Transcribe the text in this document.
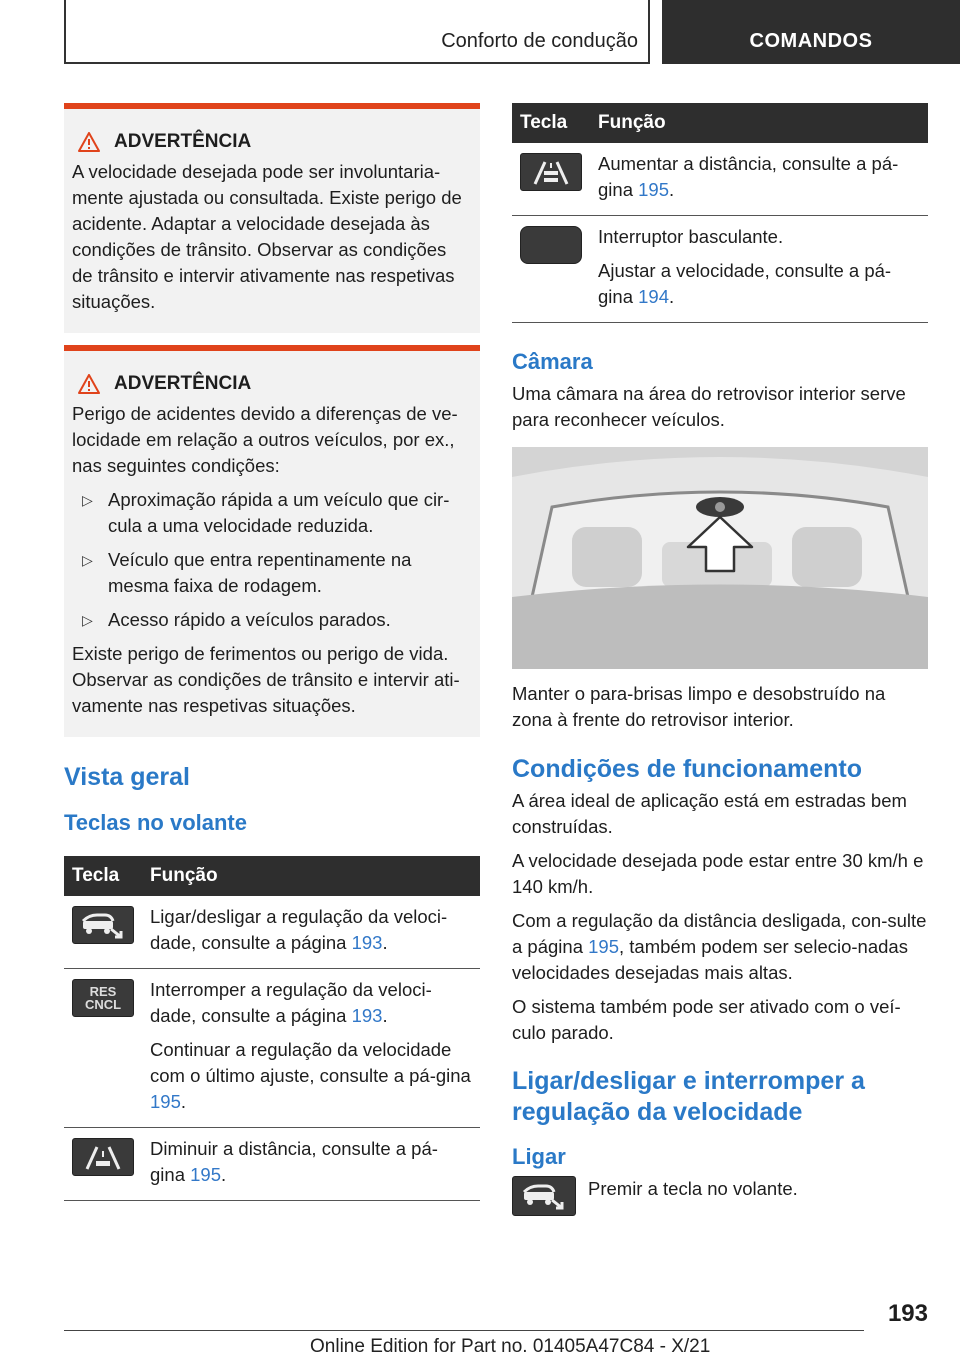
Conforto de condução	COMANDOS
ADVERTÊNCIA

A velocidade desejada pode ser involuntaria-mente ajustada ou consultada. Existe perigo de acidente. Adaptar a velocidade desejada às condições de trânsito. Observar as condições de trânsito e intervir ativamente nas respetivas situações.

ADVERTÊNCIA

Perigo de acidentes devido a diferenças de ve-locidade em relação a outros veículos, por ex., nas seguintes condições:

▷ Aproximação rápida a um veículo que cir-cula a uma velocidade reduzida.
▷ Veículo que entra repentinamente na mesma faixa de rodagem.
▷ Acesso rápido a veículos parados.

Existe perigo de ferimentos ou perigo de vida. Observar as condições de trânsito e intervir ati-vamente nas respetivas situações.

Vista geral
Teclas no volante
Tecla	Função

	Ligar/desligar a regulação da veloci-dade, consulte a página 193.

RES CNCL	Interromper a regulação da veloci-dade, consulte a página 193.

Continuar a regulação da velocidade com o último ajuste, consulte a pá-gina 195.

	Diminuir a distância, consulte a pá-gina 195.
Tecla	Função

	Aumentar a distância, consulte a pá-gina 195.

	Interruptor basculante.

Ajustar a velocidade, consulte a pá-gina 194.

Câmara

Uma câmara na área do retrovisor interior serve para reconhecer veículos.

Manter o para-brisas limpo e desobstruído na zona à frente do retrovisor interior.

Condições de funcionamento

A área ideal de aplicação está em estradas bem construídas.

A velocidade desejada pode estar entre 30 km/h e 140 km/h.

Com a regulação da distância desligada, con-sulte a página 195, também podem ser selecio-nadas velocidades desejadas mais altas.

O sistema também pode ser ativado com o veí-culo parado.

Ligar/desligar e interromper a regulação da velocidade
Ligar

Premir a tecla no volante.

193
Online Edition for Part no. 01405A47C84 - X/21
